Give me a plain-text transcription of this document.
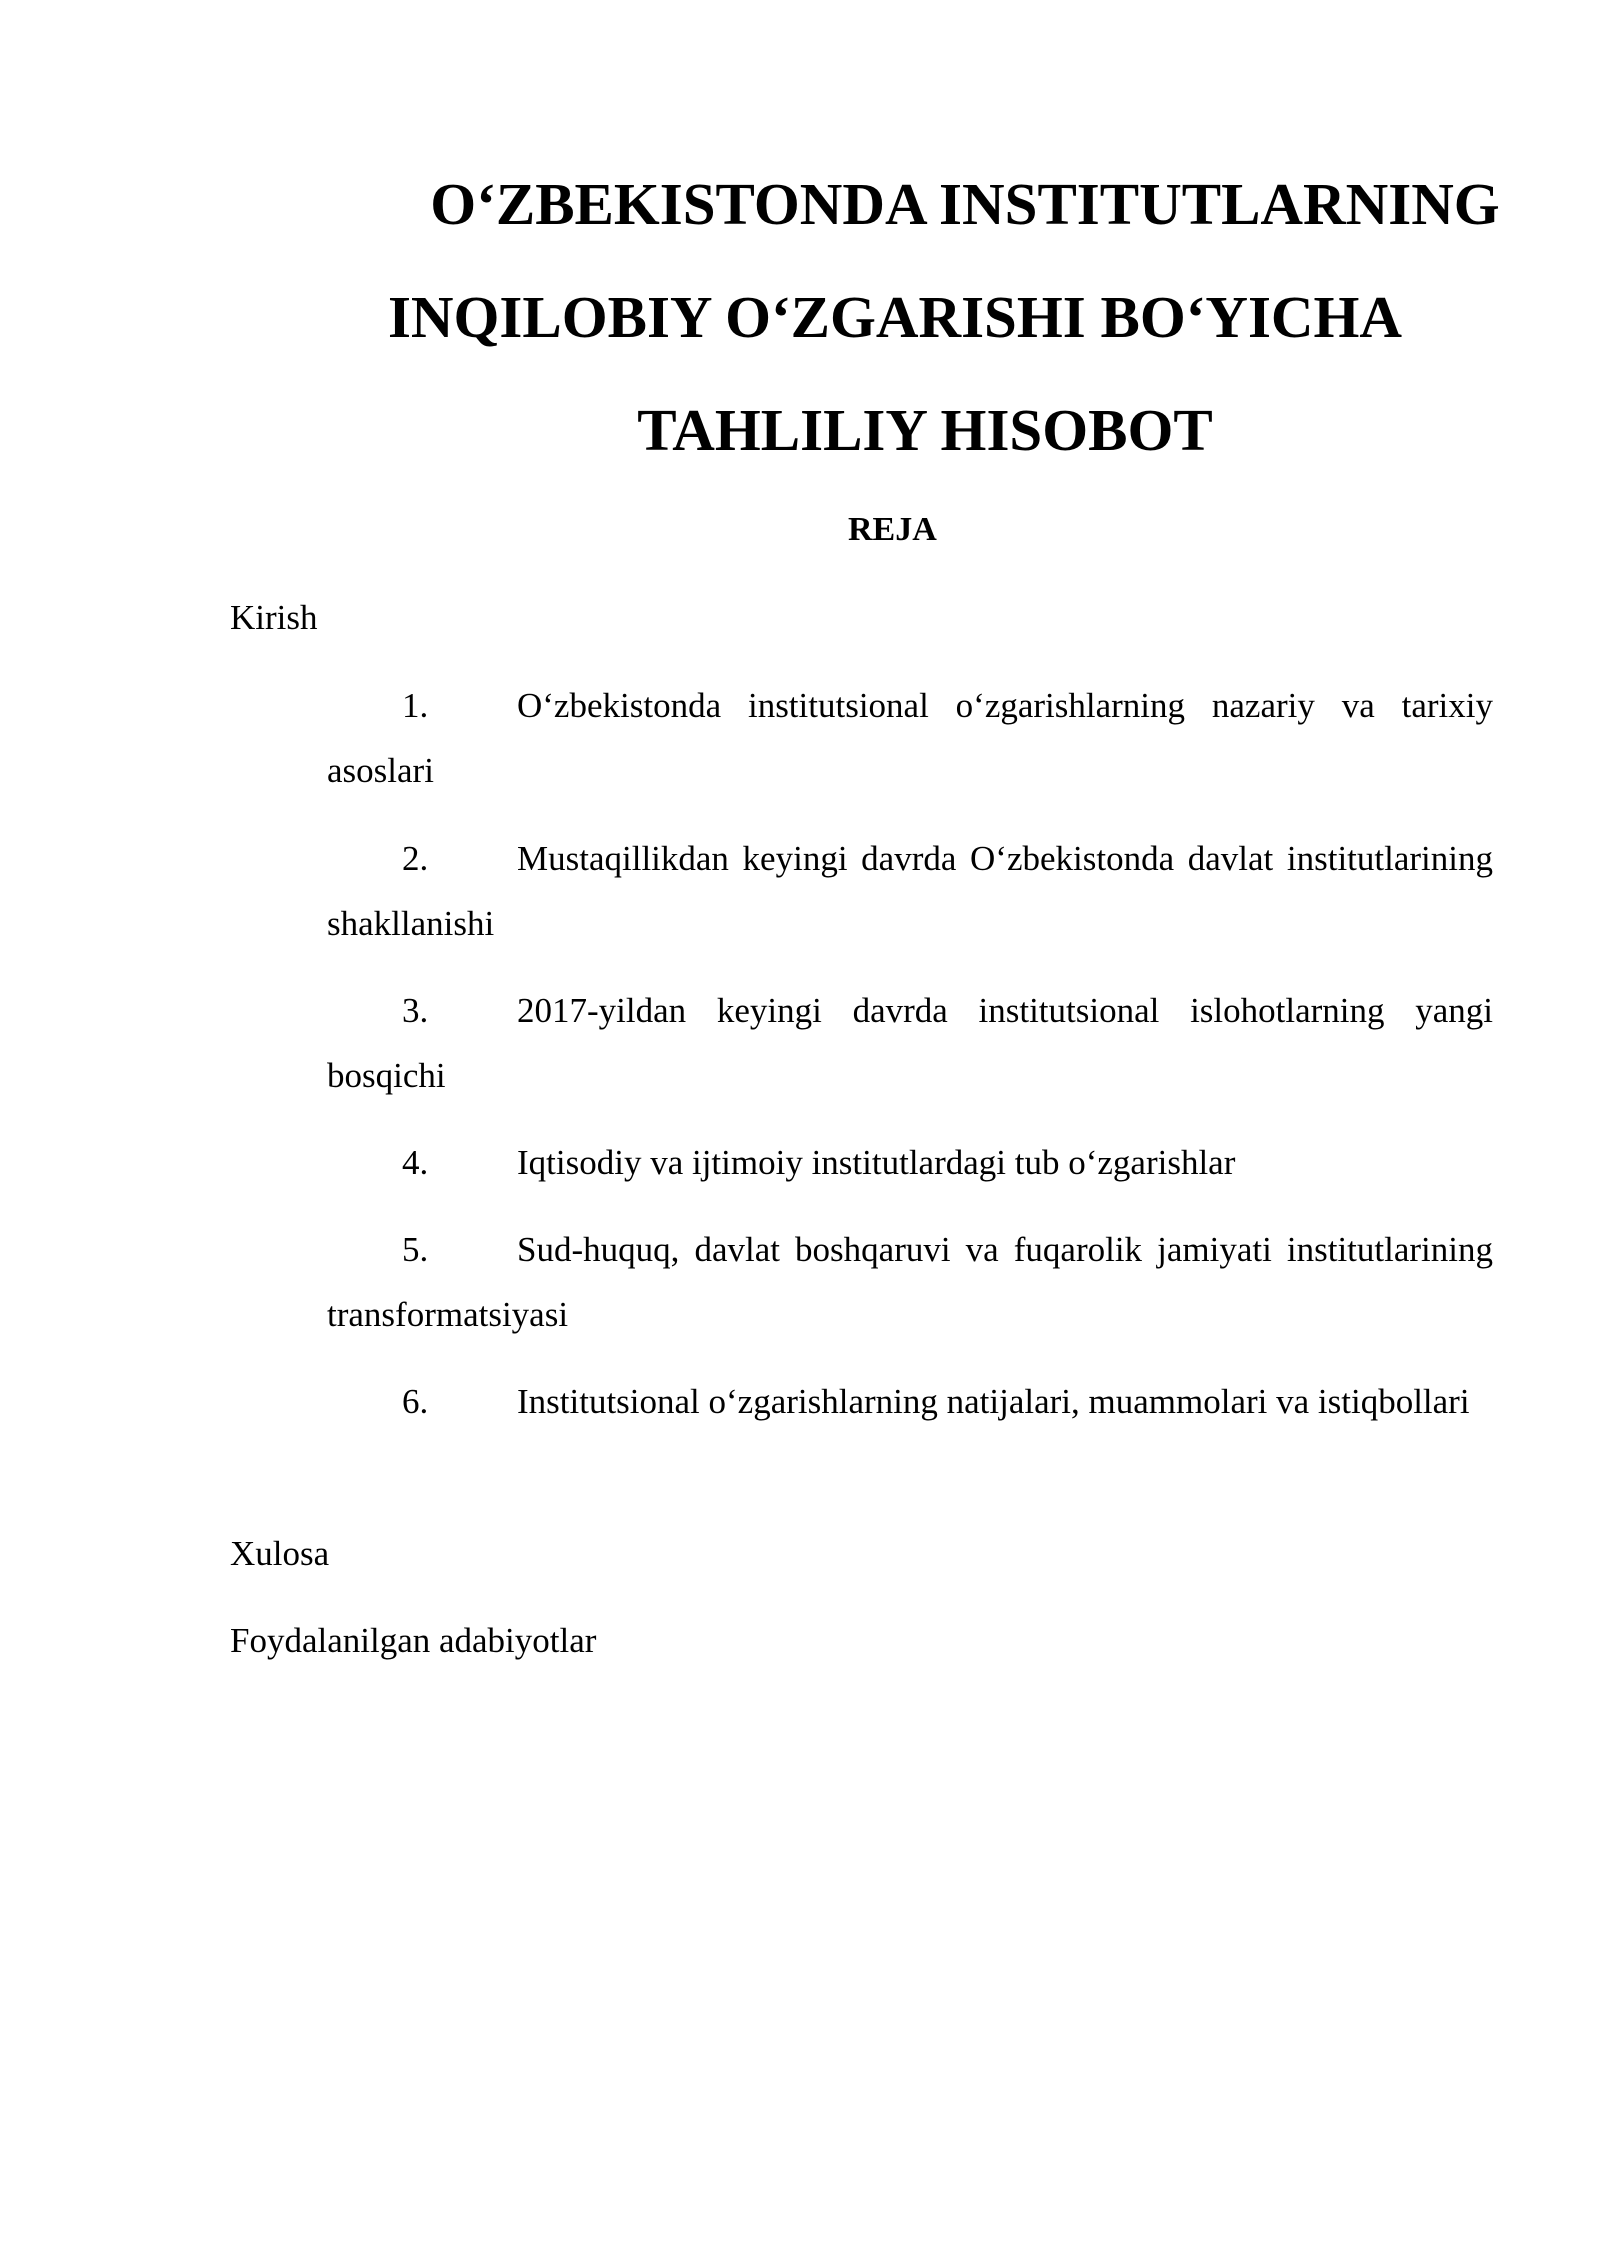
O‘ZBEKISTONDA INSTITUTLARNING
INQILOBIY O‘ZGARISHI BO‘YICHA
TAHLILIY HISOBOT

REJA

Kirish

1.	O‘zbekistonda institutsional o‘zgarishlarning nazariy va tarixiy asoslari
2.	Mustaqillikdan keyingi davrda O‘zbekistonda davlat institutlarining shakllanishi
3.	2017-yildan keyingi davrda institutsional islohotlarning yangi bosqichi
4.	Iqtisodiy va ijtimoiy institutlardagi tub o‘zgarishlar
5.	Sud-huquq, davlat boshqaruvi va fuqarolik jamiyati institutlarining transformatsiyasi
6.	Institutsional o‘zgarishlarning natijalari, muammolari va istiqbollari

Xulosa

Foydalanilgan adabiyotlar
